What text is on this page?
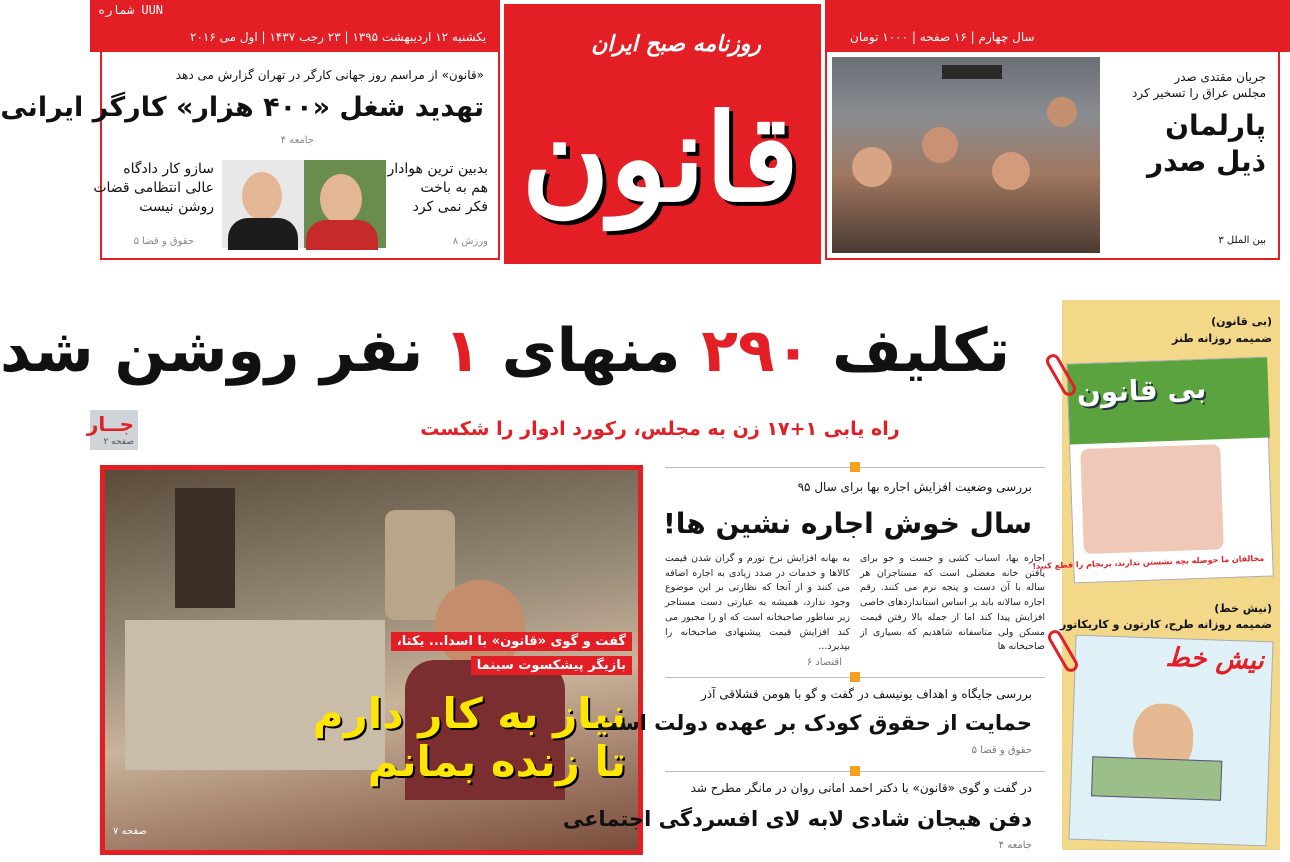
شماره UUN
یکشنبه ۱۲ اردیبهشت ۱۳۹۵ | ۲۳ رجب ۱۴۳۷ | اول می ۲۰۱۶	سال چهارم | ۱۶ صفحه | ۱۰۰۰ تومان
«قانون» از مراسم روز جهانی کارگر در تهران گزارش می دهد
تهدید شغل «۴۰۰ هزار» کارگر ایرانی
جامعه ۴
بدبین ترین هوادار
هم به باخت
فکر نمی کرد
ورزش ۸
سازو کار دادگاه
عالی انتظامی قضات
روشن نیست
حقوق و قضا ۵
جریان مقتدی صدر
مجلس عراق را تسخیر کرد
پارلمان
ذیل صدر
بین الملل ۳
روزنامه صبح ایران
قانون
جــار
صفحه ۲
تکلیف ۲۹۰ منهای ۱ نفر روشن شد
راه یابی ۱+۱۷ زن به مجلس، رکورد ادوار را شکست
(بی قانون)
ضمیمه روزانه طنز
بی قانون
مخالفان ما حوصله بچه نشستن ندارند، برنجام را قطع کنید!
(نیش خط)
ضمیمه روزانه طرح، کارتون و کاریکاتور
نیش خط
گفت و گوی «قانون» با اسدا... یکتا،
بازیگر پیشکسوت سینما
نیاز به کار دارم
تا زنده بمانم
صفحه ۷
بررسی وضعیت افزایش اجاره بها برای سال ۹۵
سال خوش اجاره نشین ها!
اجاره بها، اسباب کشی و جست و جو برای یافتن خانه معضلی است که مستاجران هر ساله با آن دست و پنجه نرم می کنند. رقم اجاره سالانه باید بر اساس استانداردهای خاصی افزایش پیدا کند اما از جمله بالا رفتن قیمت مسکن ولی متاسفانه شاهدیم که بسیاری از صاحبخانه ها
به بهانه افزایش نرخ تورم و گران شدن قیمت کالاها و خدمات در صدد زیادی به اجاره اضافه می کنند و از آنجا که نظارتی بر این موضوع وجود ندارد، همیشه به عبارتی دست مستاجر زیر ساطور صاحبخانه است که او را مجبور می کند افزایش قیمت پیشنهادی صاحبخانه را بپذیرد...
اقتصاد ۶
بررسی جایگاه و اهداف یونیسف در گفت و گو با هومن قشلاقی آذر
حمایت از حقوق کودک بر عهده دولت است
حقوق و قضا ۵
در گفت و گوی «قانون» با دکتر احمد امانی روان در مانگر مطرح شد
دفن هیجان شادی لابه لای افسردگی اجتماعی
جامعه ۴
